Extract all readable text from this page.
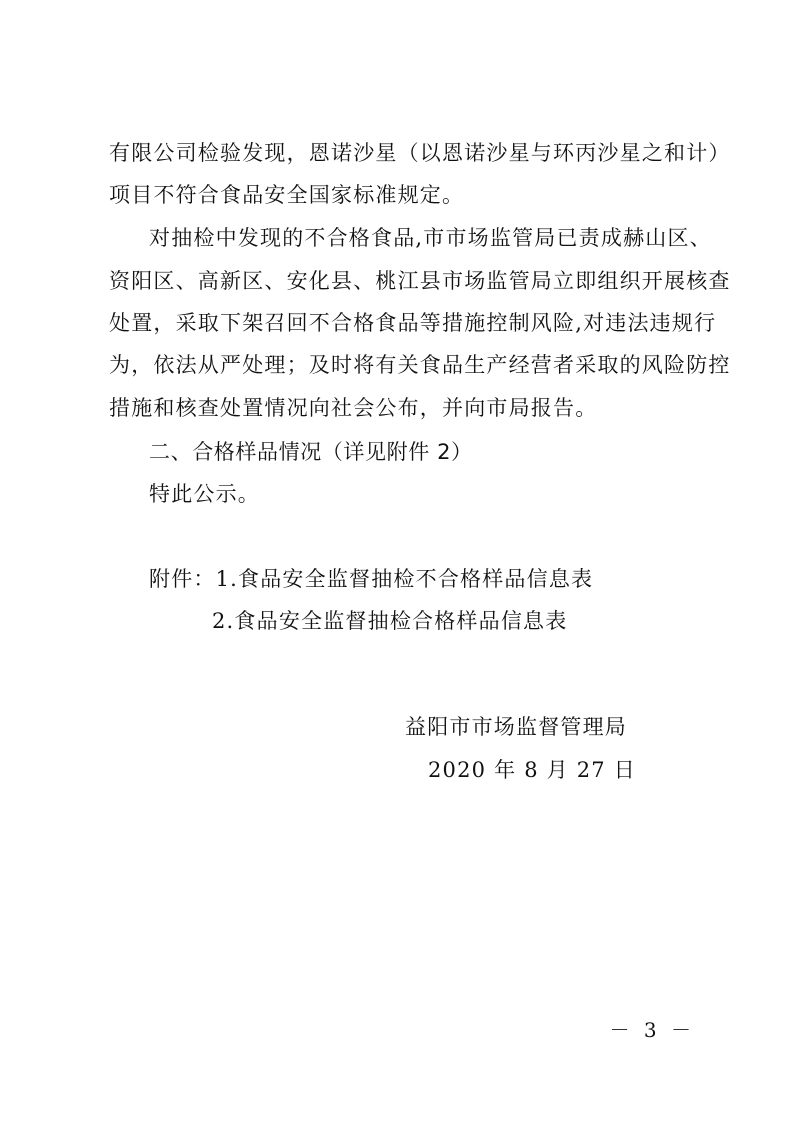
有限公司检验发现，恩诺沙星（以恩诺沙星与环丙沙星之和计）
项目不符合食品安全国家标准规定。
对抽检中发现的不合格食品,市市场监管局已责成赫山区、
资阳区、高新区、安化县、桃江县市场监管局立即组织开展核查
处置，采取下架召回不合格食品等措施控制风险,对违法违规行
为，依法从严处理；及时将有关食品生产经营者采取的风险防控
措施和核查处置情况向社会公布，并向市局报告。
二、合格样品情况（详见附件 2）
特此公示。
附件：1.食品安全监督抽检不合格样品信息表
2.食品安全监督抽检合格样品信息表
益阳市市场监督管理局
2020 年 8 月 27 日
－ 3 －
